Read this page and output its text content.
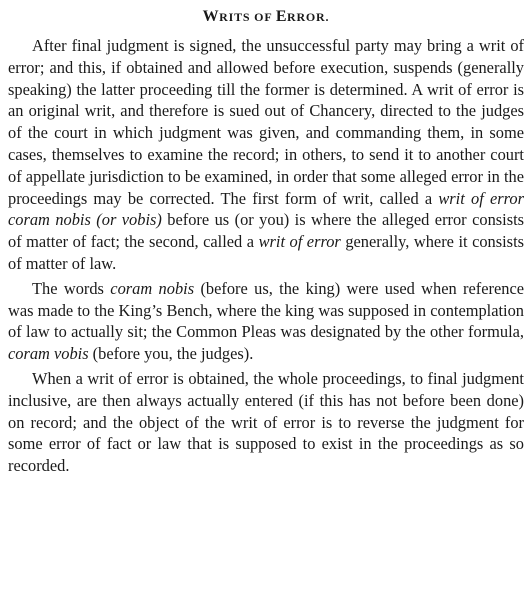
WRITS OF ERROR.

After final judgment is signed, the unsuccessful party may bring a writ of error; and this, if obtained and allowed before execution, suspends (generally speaking) the latter proceeding till the former is determined. A writ of error is an original writ, and therefore is sued out of Chancery, directed to the judges of the court in which judgment was given, and commanding them, in some cases, themselves to examine the record; in others, to send it to another court of appellate jurisdiction to be examined, in order that some alleged error in the proceedings may be corrected. The first form of writ, called a writ of error coram nobis (or vobis) before us (or you) is where the alleged error consists of matter of fact; the second, called a writ of error generally, where it consists of matter of law.

The words coram nobis (before us, the king) were used when reference was made to the King’s Bench, where the king was supposed in contemplation of law to actually sit; the Common Pleas was designated by the other formula, coram vobis (before you, the judges).

When a writ of error is obtained, the whole proceedings, to final judgment inclusive, are then always actually entered (if this has not before been done) on record; and the object of the writ of error is to reverse the judgment for some error of fact or law that is supposed to exist in the proceedings as so recorded.
